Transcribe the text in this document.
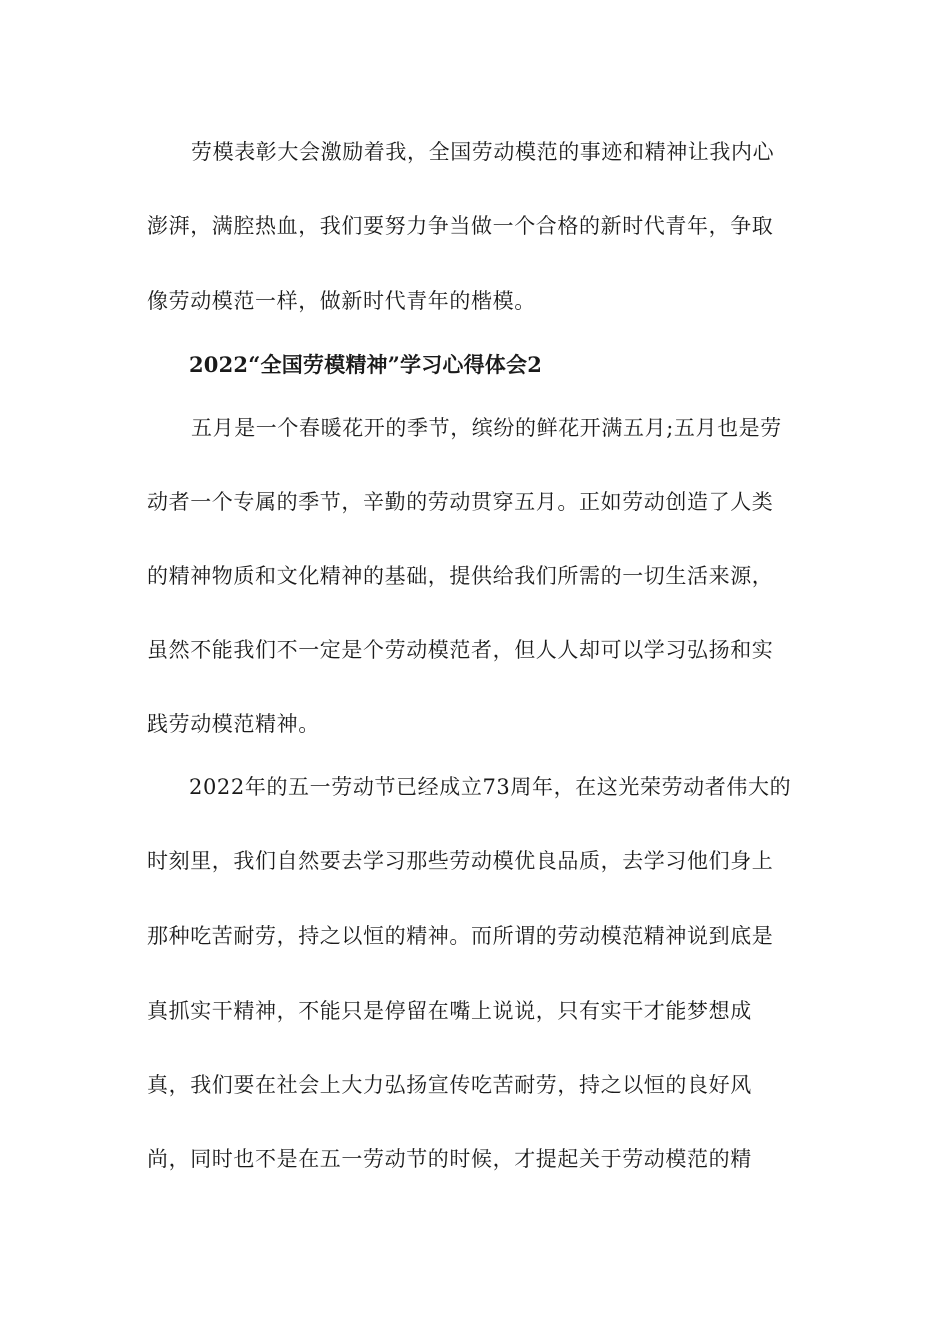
劳模表彰大会激励着我，全国劳动模范的事迹和精神让我内心
澎湃，满腔热血，我们要努力争当做一个合格的新时代青年，争取
像劳动模范一样，做新时代青年的楷模。
2022“全国劳模精神”学习心得体会2
五月是一个春暖花开的季节，缤纷的鲜花开满五月;五月也是劳
动者一个专属的季节，辛勤的劳动贯穿五月。正如劳动创造了人类
的精神物质和文化精神的基础，提供给我们所需的一切生活来源，
虽然不能我们不一定是个劳动模范者，但人人却可以学习弘扬和实
践劳动模范精神。
2022年的五一劳动节已经成立73周年，在这光荣劳动者伟大的
时刻里，我们自然要去学习那些劳动模优良品质，去学习他们身上
那种吃苦耐劳，持之以恒的精神。而所谓的劳动模范精神说到底是
真抓实干精神，不能只是停留在嘴上说说，只有实干才能梦想成
真，我们要在社会上大力弘扬宣传吃苦耐劳，持之以恒的良好风
尚，同时也不是在五一劳动节的时候，才提起关于劳动模范的精
